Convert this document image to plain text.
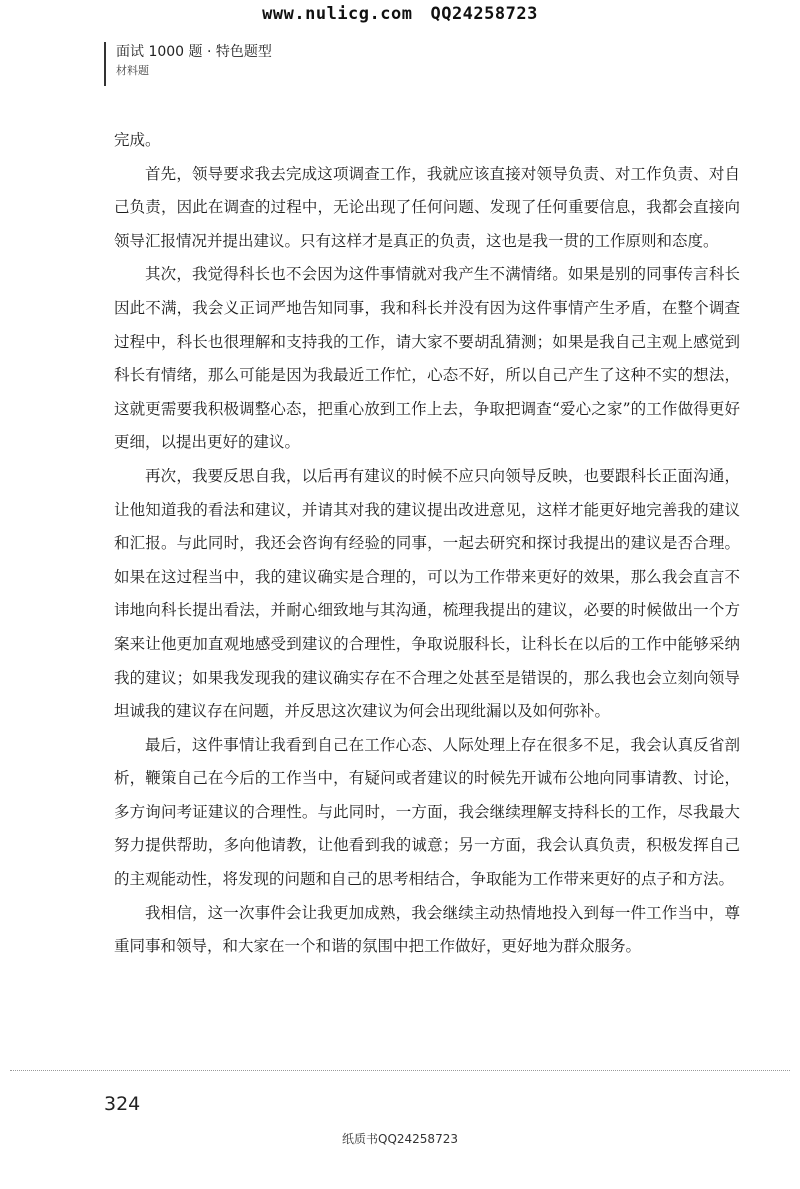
www.nulicg.com QQ24258723
面试 1000 题 · 特色题型
材料题

完成。

首先，领导要求我去完成这项调查工作，我就应该直接对领导负责、对工作负责、对自己负责，因此在调查的过程中，无论出现了任何问题、发现了任何重要信息，我都会直接向领导汇报情况并提出建议。只有这样才是真正的负责，这也是我一贯的工作原则和态度。

其次，我觉得科长也不会因为这件事情就对我产生不满情绪。如果是别的同事传言科长因此不满，我会义正词严地告知同事，我和科长并没有因为这件事情产生矛盾，在整个调查过程中，科长也很理解和支持我的工作，请大家不要胡乱猜测；如果是我自己主观上感觉到科长有情绪，那么可能是因为我最近工作忙，心态不好，所以自己产生了这种不实的想法，这就更需要我积极调整心态，把重心放到工作上去，争取把调查“爱心之家”的工作做得更好更细，以提出更好的建议。

再次，我要反思自我，以后再有建议的时候不应只向领导反映，也要跟科长正面沟通，让他知道我的看法和建议，并请其对我的建议提出改进意见，这样才能更好地完善我的建议和汇报。与此同时，我还会咨询有经验的同事，一起去研究和探讨我提出的建议是否合理。如果在这过程当中，我的建议确实是合理的，可以为工作带来更好的效果，那么我会直言不讳地向科长提出看法，并耐心细致地与其沟通，梳理我提出的建议，必要的时候做出一个方案来让他更加直观地感受到建议的合理性，争取说服科长，让科长在以后的工作中能够采纳我的建议；如果我发现我的建议确实存在不合理之处甚至是错误的，那么我也会立刻向领导坦诚我的建议存在问题，并反思这次建议为何会出现纰漏以及如何弥补。

最后，这件事情让我看到自己在工作心态、人际处理上存在很多不足，我会认真反省剖析，鞭策自己在今后的工作当中，有疑问或者建议的时候先开诚布公地向同事请教、讨论，多方询问考证建议的合理性。与此同时，一方面，我会继续理解支持科长的工作，尽我最大努力提供帮助，多向他请教，让他看到我的诚意；另一方面，我会认真负责，积极发挥自己的主观能动性，将发现的问题和自己的思考相结合，争取能为工作带来更好的点子和方法。

我相信，这一次事件会让我更加成熟，我会继续主动热情地投入到每一件工作当中，尊重同事和领导，和大家在一个和谐的氛围中把工作做好，更好地为群众服务。

324
纸质书QQ24258723
